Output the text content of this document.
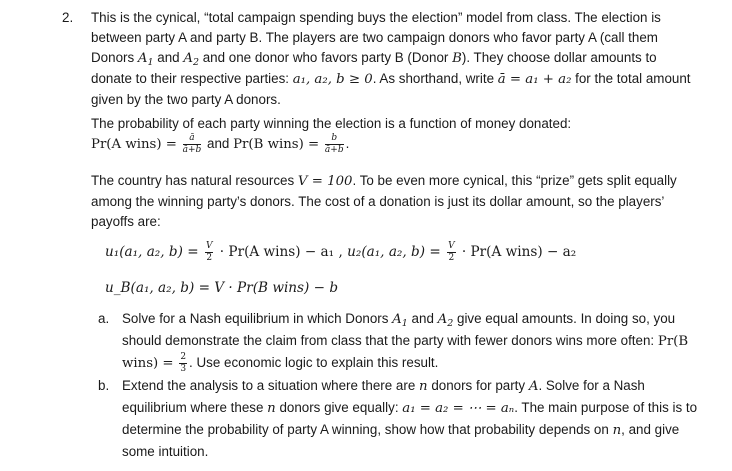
2. This is the cynical, “total campaign spending buys the election” model from class. The election is between party A and party B. The players are two campaign donors who favor party A (call them Donors $A_1$ and $A_2$ and one donor who favors party B (Donor B). They choose dollar amounts to donate to their respective parties: a₁, a₂, b ≥ 0. As shorthand, write ā = a₁ + a₂ for the total amount given by the two party A donors.
The probability of each party winning the election is a function of money donated:
Pr(A wins) = $\frac{ā}{ā+b}$ and Pr(B wins) = $\frac{b}{ā+b}$ .
The country has natural resources V = 100. To be even more cynical, this “prize” gets split equally among the winning party’s donors. The cost of a donation is just its dollar amount, so the players’ payoffs are:
u₁(a₁, a₂, $b) = \frac{V}{2} \cdot Pr(A$ wins) − a₁ , u₂(a₁, a₂, $b) = \frac{V}{2} \cdot Pr(A$ wins) − a₂
u_B(a₁, a₂, b) = V · Pr(B wins) − b
a. Solve for a Nash equilibrium in which Donors $A_1$ and $A_2$ give equal amounts. In doing so, you should demonstrate the claim from class that the party with fewer donors wins more often: Pr(B wins) = $\frac{2}{3}$ . Use economic logic to explain this result.
b. Extend the analysis to a situation where there are n donors for party A. Solve for a Nash equilibrium where these n donors give equally: a₁ = a₂ = ⋯ = aₙ. The main purpose of this is to determine the probability of party A winning, show how that probability depends on n, and give some intuition.
